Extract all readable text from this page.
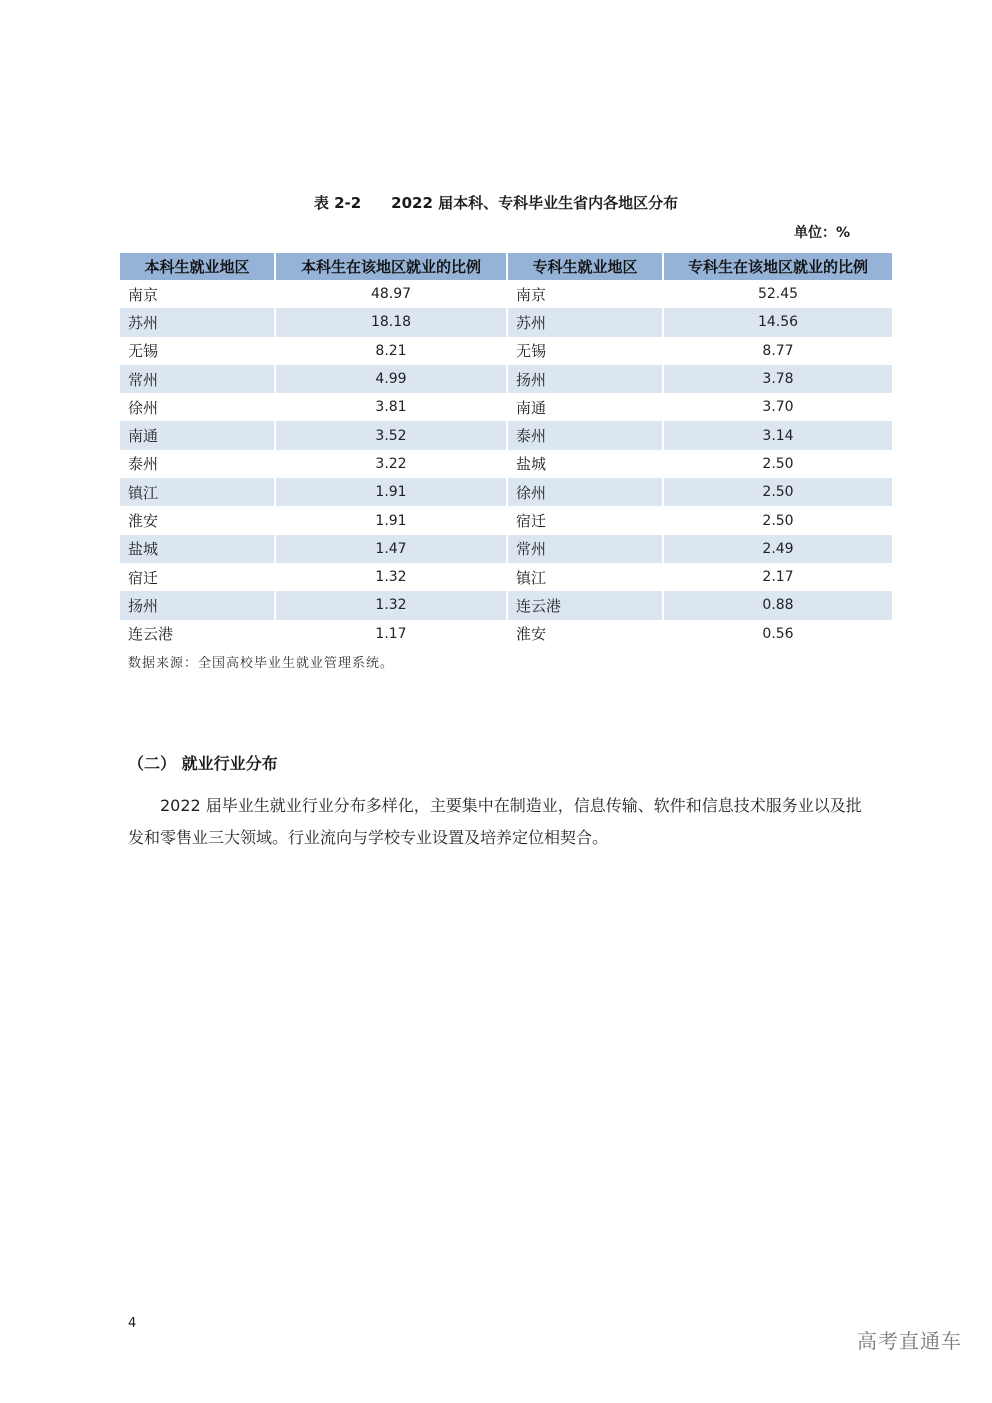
表 2-2 2022 届本科、专科毕业生省内各地区分布
单位：%
本科生就业地区	本科生在该地区就业的比例	专科生就业地区	专科生在该地区就业的比例
南京	48.97	南京	52.45
苏州	18.18	苏州	14.56
无锡	8.21	无锡	8.77
常州	4.99	扬州	3.78
徐州	3.81	南通	3.70
南通	3.52	泰州	3.14
泰州	3.22	盐城	2.50
镇江	1.91	徐州	2.50
淮安	1.91	宿迁	2.50
盐城	1.47	常州	2.49
宿迁	1.32	镇江	2.17
扬州	1.32	连云港	0.88
连云港	1.17	淮安	0.56
数据来源：全国高校毕业生就业管理系统。
（二） 就业行业分布
2022 届毕业生就业行业分布多样化，主要集中在制造业，信息传输、软件和信息技术服务业以及批发和零售业三大领域。行业流向与学校专业设置及培养定位相契合。
4
高考直通车
